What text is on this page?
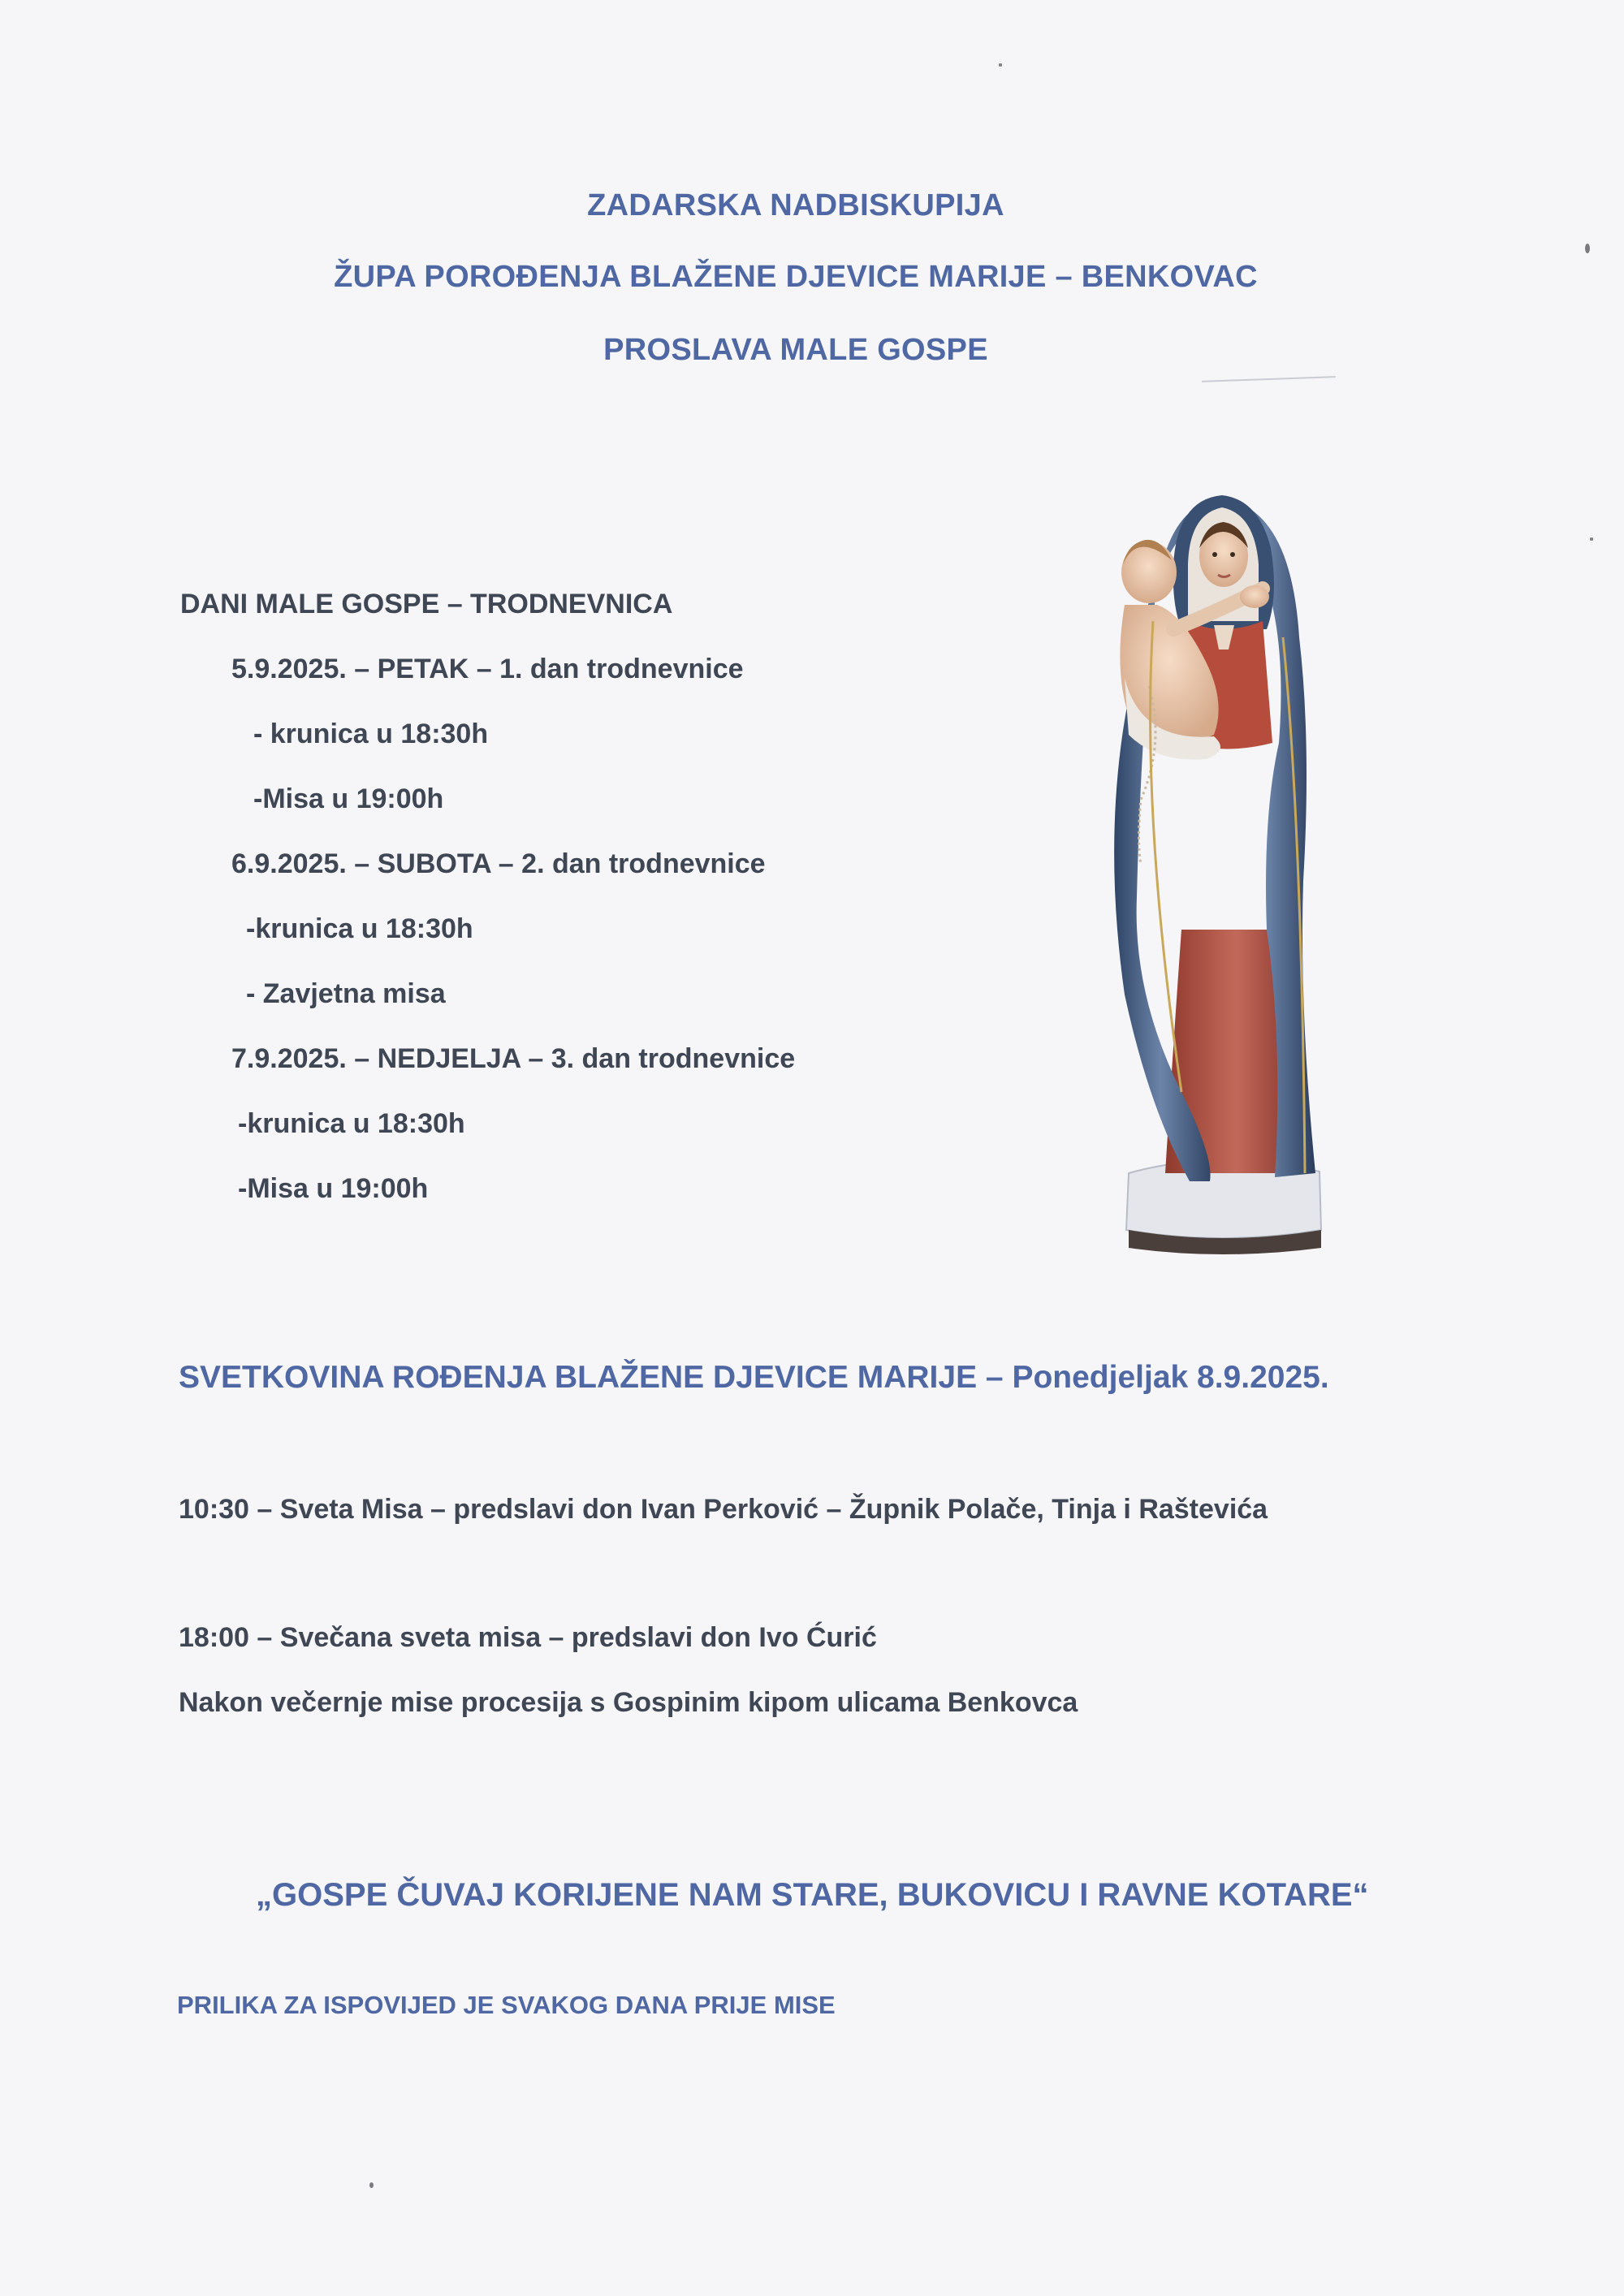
ZADARSKA NADBISKUPIJA
ŽUPA POROĐENJA BLAŽENE DJEVICE MARIJE – BENKOVAC
PROSLAVA MALE GOSPE
DANI MALE GOSPE – TRODNEVNICA
5.9.2025. – PETAK – 1. dan trodnevnice
- krunica u 18:30h
-Misa u 19:00h
6.9.2025. – SUBOTA – 2. dan trodnevnice
-krunica u 18:30h
- Zavjetna misa
7.9.2025. – NEDJELJA – 3. dan trodnevnice
-krunica u 18:30h
-Misa u 19:00h
SVETKOVINA ROĐENJA BLAŽENE DJEVICE MARIJE – Ponedjeljak 8.9.2025.
10:30 – Sveta Misa – predslavi don Ivan Perković – Župnik Polače, Tinja i Raštevića
18:00 – Svečana sveta misa – predslavi don Ivo Ćurić
Nakon večernje mise procesija s Gospinim kipom ulicama Benkovca
„GOSPE ČUVAJ KORIJENE NAM STARE, BUKOVICU I RAVNE KOTARE“
PRILIKA ZA ISPOVIJED JE SVAKOG DANA PRIJE MISE
